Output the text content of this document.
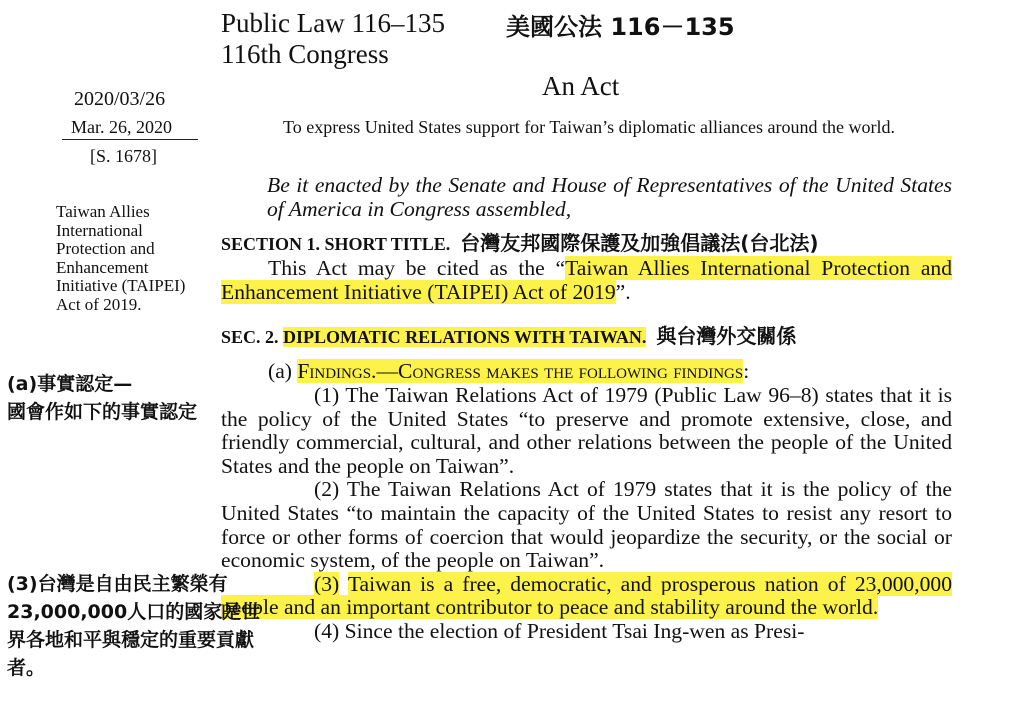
Public Law 116–135
116th Congress
美國公法 116－135
An Act
2020/03/26
Mar. 26, 2020
[S. 1678]
To express United States support for Taiwan’s diplomatic alliances around the world.
Taiwan Allies International Protection and Enhancement Initiative (TAIPEI) Act of 2019.

Be it enacted by the Senate and House of Representatives of the United States of America in Congress assembled,

SECTION 1. SHORT TITLE. 台灣友邦國際保護及加強倡議法(台北法)

This Act may be cited as the “Taiwan Allies International Protection and Enhancement Initiative (TAIPEI) Act of 2019”.

SEC. 2. DIPLOMATIC RELATIONS WITH TAIWAN. 與台灣外交關係

(a) Findings.—Congress makes the following findings:

(1) The Taiwan Relations Act of 1979 (Public Law 96–8) states that it is the policy of the United States “to preserve and promote extensive, close, and friendly commercial, cultural, and other relations between the people of the United States and the people on Taiwan”.

(2) The Taiwan Relations Act of 1979 states that it is the policy of the United States “to maintain the capacity of the United States to resist any resort to force or other forms of coercion that would jeopardize the security, or the social or economic system, of the people on Taiwan”.

(3) Taiwan is a free, democratic, and prosperous nation of 23,000,000 people and an important contributor to peace and stability around the world.

(4) Since the election of President Tsai Ing-wen as Presi-

(a)事實認定—
國會作如下的事實認定
(3)台灣是自由民主繁榮有23,000,000人口的國家是世界各地和平與穩定的重要貢獻者。
